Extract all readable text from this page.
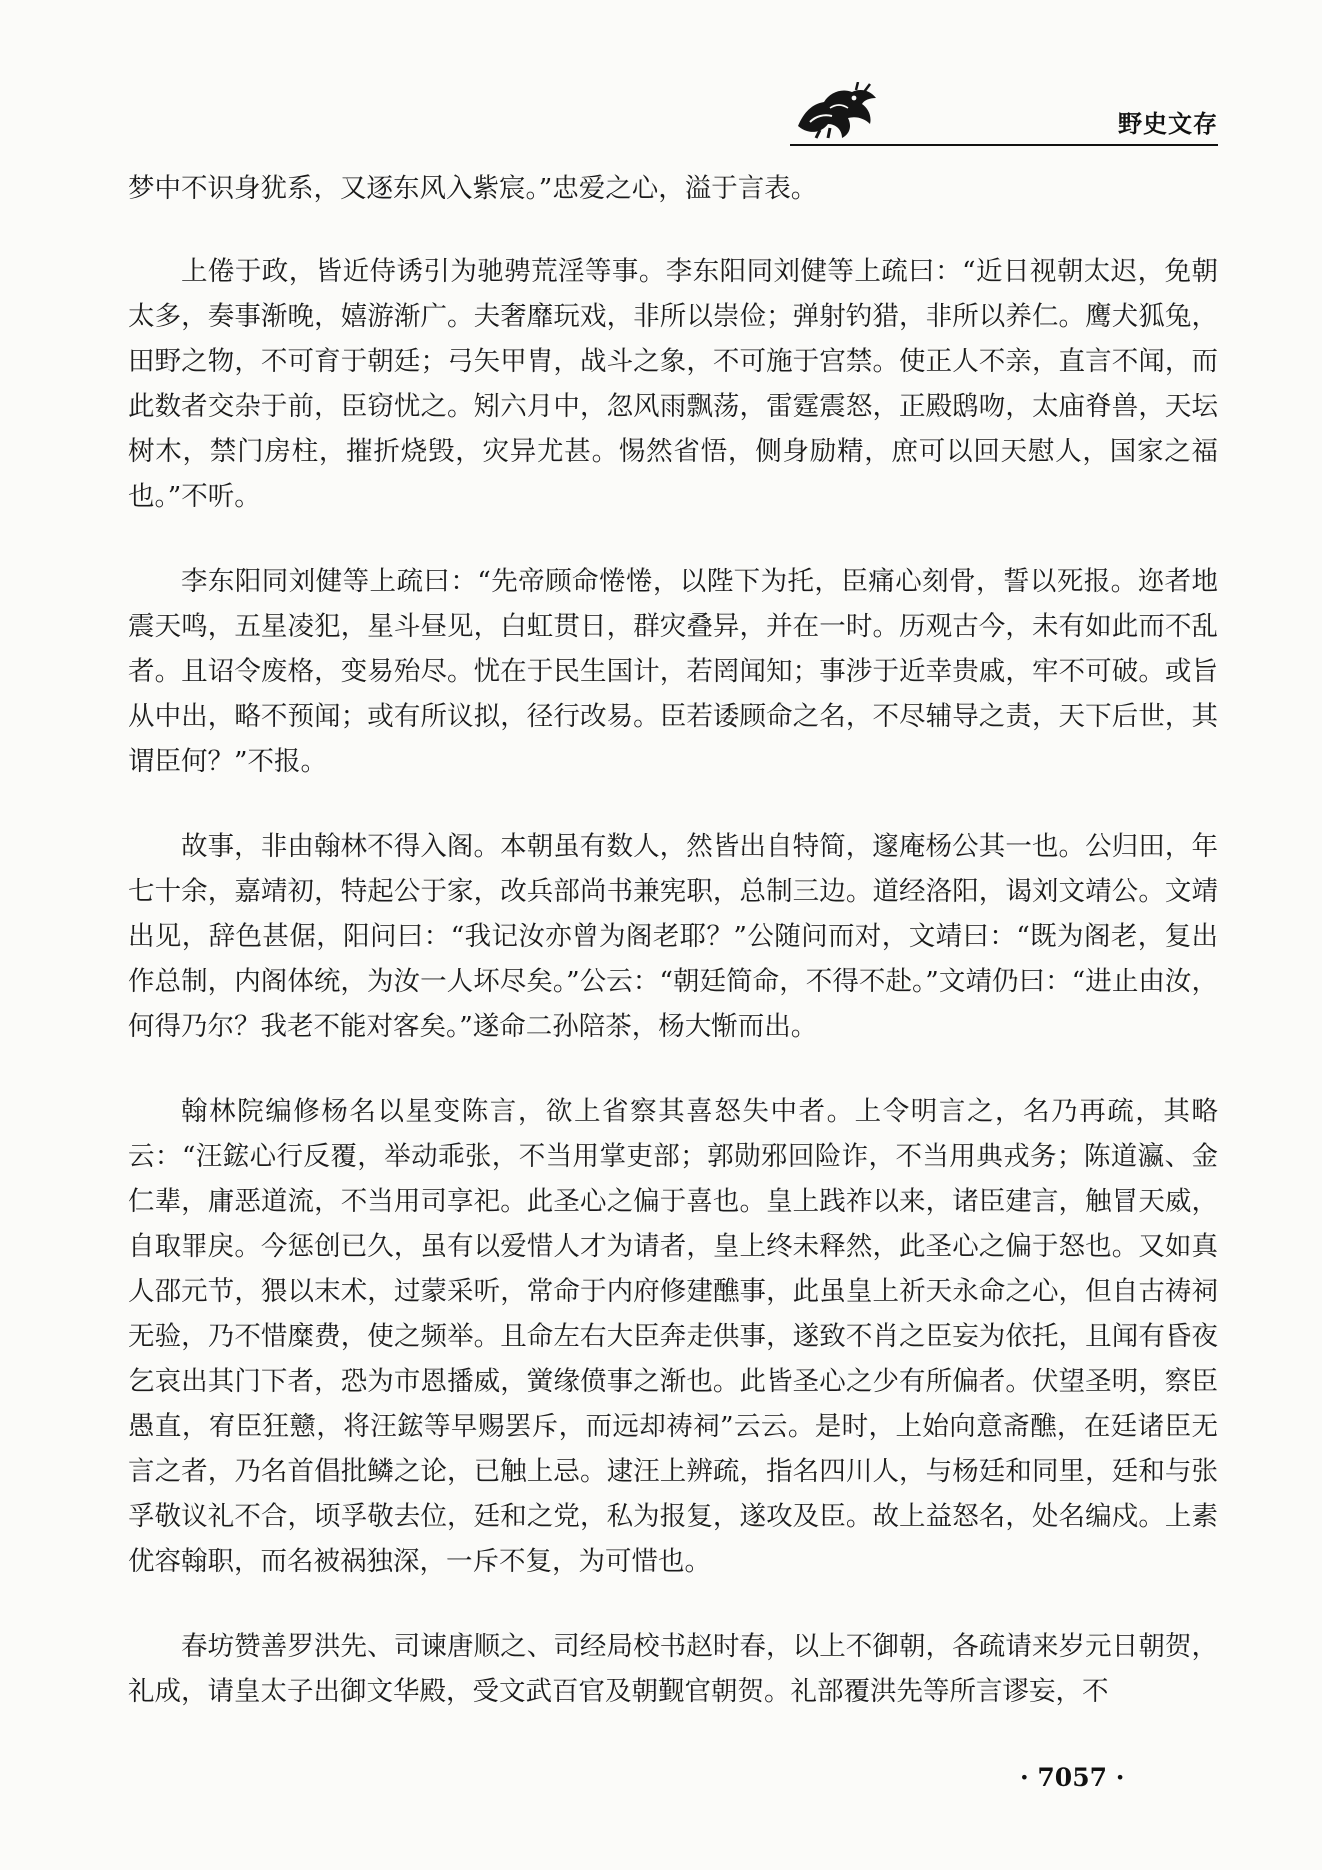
野史文存

梦中不识身犹系，又逐东风入紫宸。”忠爱之心，溢于言表。

上倦于政，皆近侍诱引为驰骋荒淫等事。李东阳同刘健等上疏曰：“近日视朝太迟，免朝太多，奏事渐晚，嬉游渐广。夫奢靡玩戏，非所以崇俭；弹射钓猎，非所以养仁。鹰犬狐兔，田野之物，不可育于朝廷；弓矢甲胄，战斗之象，不可施于宫禁。使正人不亲，直言不闻，而此数者交杂于前，臣窃忧之。矧六月中，忽风雨飘荡，雷霆震怒，正殿鸱吻，太庙脊兽，天坛树木，禁门房柱，摧折烧毁，灾异尤甚。惕然省悟，侧身励精，庶可以回天慰人，国家之福也。”不听。

李东阳同刘健等上疏曰：“先帝顾命惓惓，以陛下为托，臣痛心刻骨，誓以死报。迩者地震天鸣，五星凌犯，星斗昼见，白虹贯日，群灾叠异，并在一时。历观古今，未有如此而不乱者。且诏令废格，变易殆尽。忧在于民生国计，若罔闻知；事涉于近幸贵戚，牢不可破。或旨从中出，略不预闻；或有所议拟，径行改易。臣若诿顾命之名，不尽辅导之责，天下后世，其谓臣何？”不报。

故事，非由翰林不得入阁。本朝虽有数人，然皆出自特简，邃庵杨公其一也。公归田，年七十余，嘉靖初，特起公于家，改兵部尚书兼宪职，总制三边。道经洛阳，谒刘文靖公。文靖出见，辞色甚倨，阳问曰：“我记汝亦曾为阁老耶？”公随问而对，文靖曰：“既为阁老，复出作总制，内阁体统，为汝一人坏尽矣。”公云：“朝廷简命，不得不赴。”文靖仍曰：“进止由汝，何得乃尔？我老不能对客矣。”遂命二孙陪茶，杨大惭而出。

翰林院编修杨名以星变陈言，欲上省察其喜怒失中者。上令明言之，名乃再疏，其略云：“汪鋐心行反覆，举动乖张，不当用掌吏部；郭勋邪回险诈，不当用典戎务；陈道瀛、金仁辈，庸恶道流，不当用司享祀。此圣心之偏于喜也。皇上践祚以来，诸臣建言，触冒天威，自取罪戾。今惩创已久，虽有以爱惜人才为请者，皇上终未释然，此圣心之偏于怒也。又如真人邵元节，猥以末术，过蒙采听，常命于内府修建醮事，此虽皇上祈天永命之心，但自古祷祠无验，乃不惜糜费，使之频举。且命左右大臣奔走供事，遂致不肖之臣妄为依托，且闻有昏夜乞哀出其门下者，恐为市恩播威，黉缘偾事之渐也。此皆圣心之少有所偏者。伏望圣明，察臣愚直，宥臣狂戆，将汪鋐等早赐罢斥，而远却祷祠”云云。是时，上始向意斋醮，在廷诸臣无言之者，乃名首倡批鳞之论，已触上忌。逮汪上辨疏，指名四川人，与杨廷和同里，廷和与张孚敬议礼不合，顷孚敬去位，廷和之党，私为报复，遂攻及臣。故上益怒名，处名编戍。上素优容翰职，而名被祸独深，一斥不复，为可惜也。

春坊赞善罗洪先、司谏唐顺之、司经局校书赵时春，以上不御朝，各疏请来岁元日朝贺，礼成，请皇太子出御文华殿，受文武百官及朝觐官朝贺。礼部覆洪先等所言谬妄，不

· 7057 ·
